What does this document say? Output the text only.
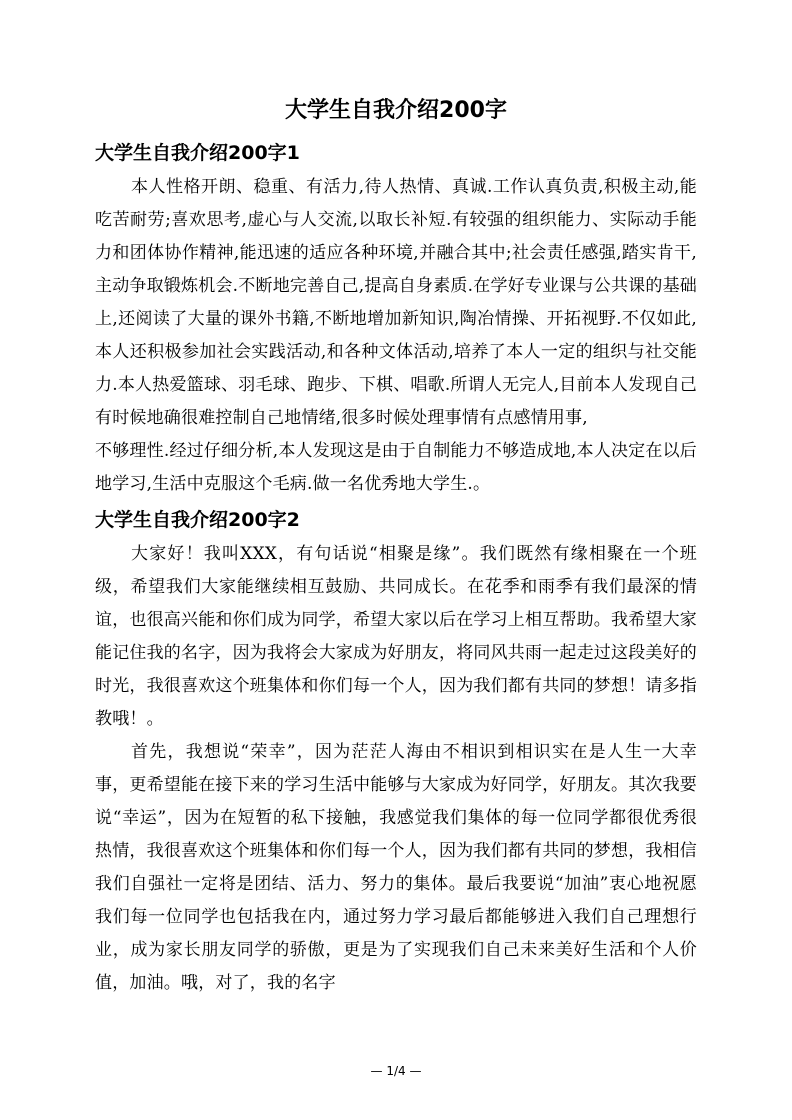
大学生自我介绍200字
大学生自我介绍200字1

本人性格开朗、稳重、有活力,待人热情、真诚.工作认真负责,积极主动,能吃苦耐劳;喜欢思考,虚心与人交流,以取长补短.有较强的组织能力、实际动手能力和团体协作精神,能迅速的适应各种环境,并融合其中;社会责任感强,踏实肯干,主动争取锻炼机会.不断地完善自己,提高自身素质.在学好专业课与公共课的基础上,还阅读了大量的课外书籍,不断地增加新知识,陶冶情操、开拓视野.不仅如此,本人还积极参加社会实践活动,和各种文体活动,培养了本人一定的组织与社交能力.本人热爱篮球、羽毛球、跑步、下棋、唱歌.所谓人无完人,目前本人发现自己有时候地确很难控制自己地情绪,很多时候处理事情有点感情用事,

不够理性.经过仔细分析,本人发现这是由于自制能力不够造成地,本人决定在以后地学习,生活中克服这个毛病.做一名优秀地大学生.。

大学生自我介绍200字2

大家好！我叫XXX，有句话说“相聚是缘”。我们既然有缘相聚在一个班级，希望我们大家能继续相互鼓励、共同成长。在花季和雨季有我们最深的情谊，也很高兴能和你们成为同学，希望大家以后在学习上相互帮助。我希望大家能记住我的名字，因为我将会大家成为好朋友，将同风共雨一起走过这段美好的时光，我很喜欢这个班集体和你们每一个人，因为我们都有共同的梦想！请多指教哦！。

首先，我想说“荣幸”，因为茫茫人海由不相识到相识实在是人生一大幸事，更希望能在接下来的学习生活中能够与大家成为好同学，好朋友。其次我要说“幸运”，因为在短暂的私下接触，我感觉我们集体的每一位同学都很优秀很热情，我很喜欢这个班集体和你们每一个人，因为我们都有共同的梦想，我相信我们自强社一定将是团结、活力、努力的集体。最后我要说“加油”衷心地祝愿我们每一位同学也包括我在内，通过努力学习最后都能够进入我们自己理想行业，成为家长朋友同学的骄傲，更是为了实现我们自己未来美好生活和个人价值，加油。哦，对了，我的名字

— 1/4 —
